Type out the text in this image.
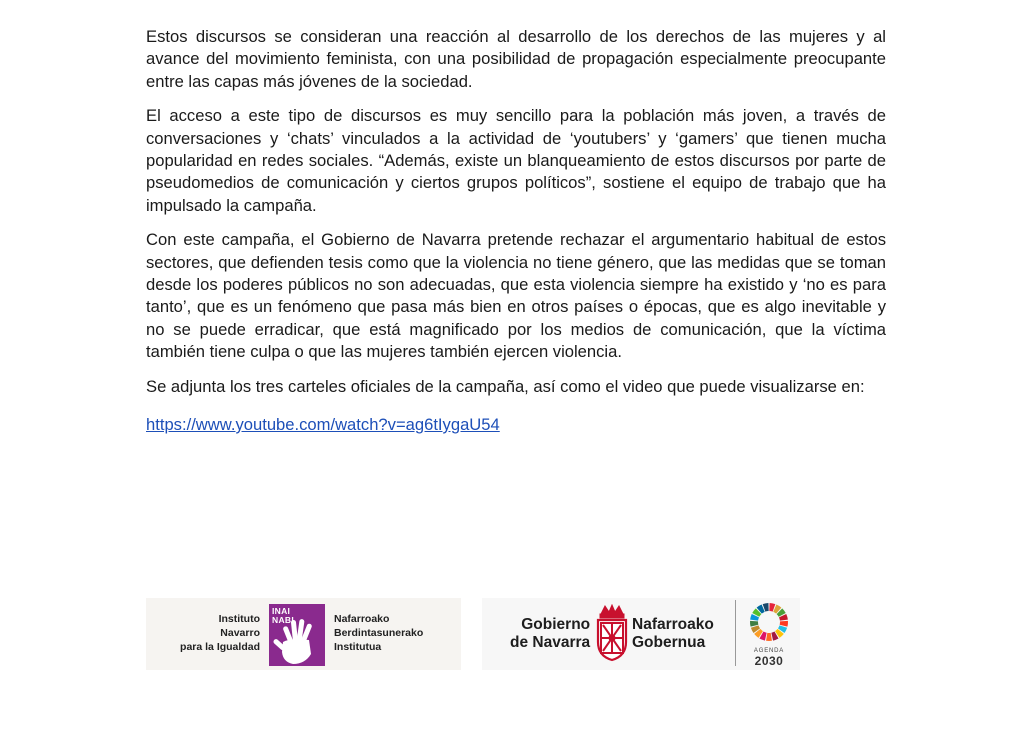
Estos discursos se consideran una reacción al desarrollo de los derechos de las mujeres y al avance del movimiento feminista, con una posibilidad de propagación especialmente preocupante entre las capas más jóvenes de la sociedad.

El acceso a este tipo de discursos es muy sencillo para la población más joven, a través de conversaciones y ‘chats’ vinculados a la actividad de ‘youtubers’ y ‘gamers’ que tienen mucha popularidad en redes sociales. “Además, existe un blanqueamiento de estos discursos por parte de pseudomedios de comunicación y ciertos grupos políticos”, sostiene el equipo de trabajo que ha impulsado la campaña.

Con este campaña, el Gobierno de Navarra pretende rechazar el argumentario habitual de estos sectores, que defienden tesis como que la violencia no tiene género, que las medidas que se toman desde los poderes públicos no son adecuadas, que esta violencia siempre ha existido y ‘no es para tanto’, que es un fenómeno que pasa más bien en otros países o épocas, que es algo inevitable y no se puede erradicar, que está magnificado por los medios de comunicación, que la víctima también tiene culpa o que las mujeres también ejercen violencia.

Se adjunta los tres carteles oficiales de la campaña, así como el video que puede visualizarse en:

https://www.youtube.com/watch?v=ag6tIygaU54

Instituto
Navarro
para la Igualdad
INAI
NABI	Nafarroako
Berdintasunerako
Institutua
Gobierno
de Navarra
Nafarroako
Gobernua	AGENDA
2030
